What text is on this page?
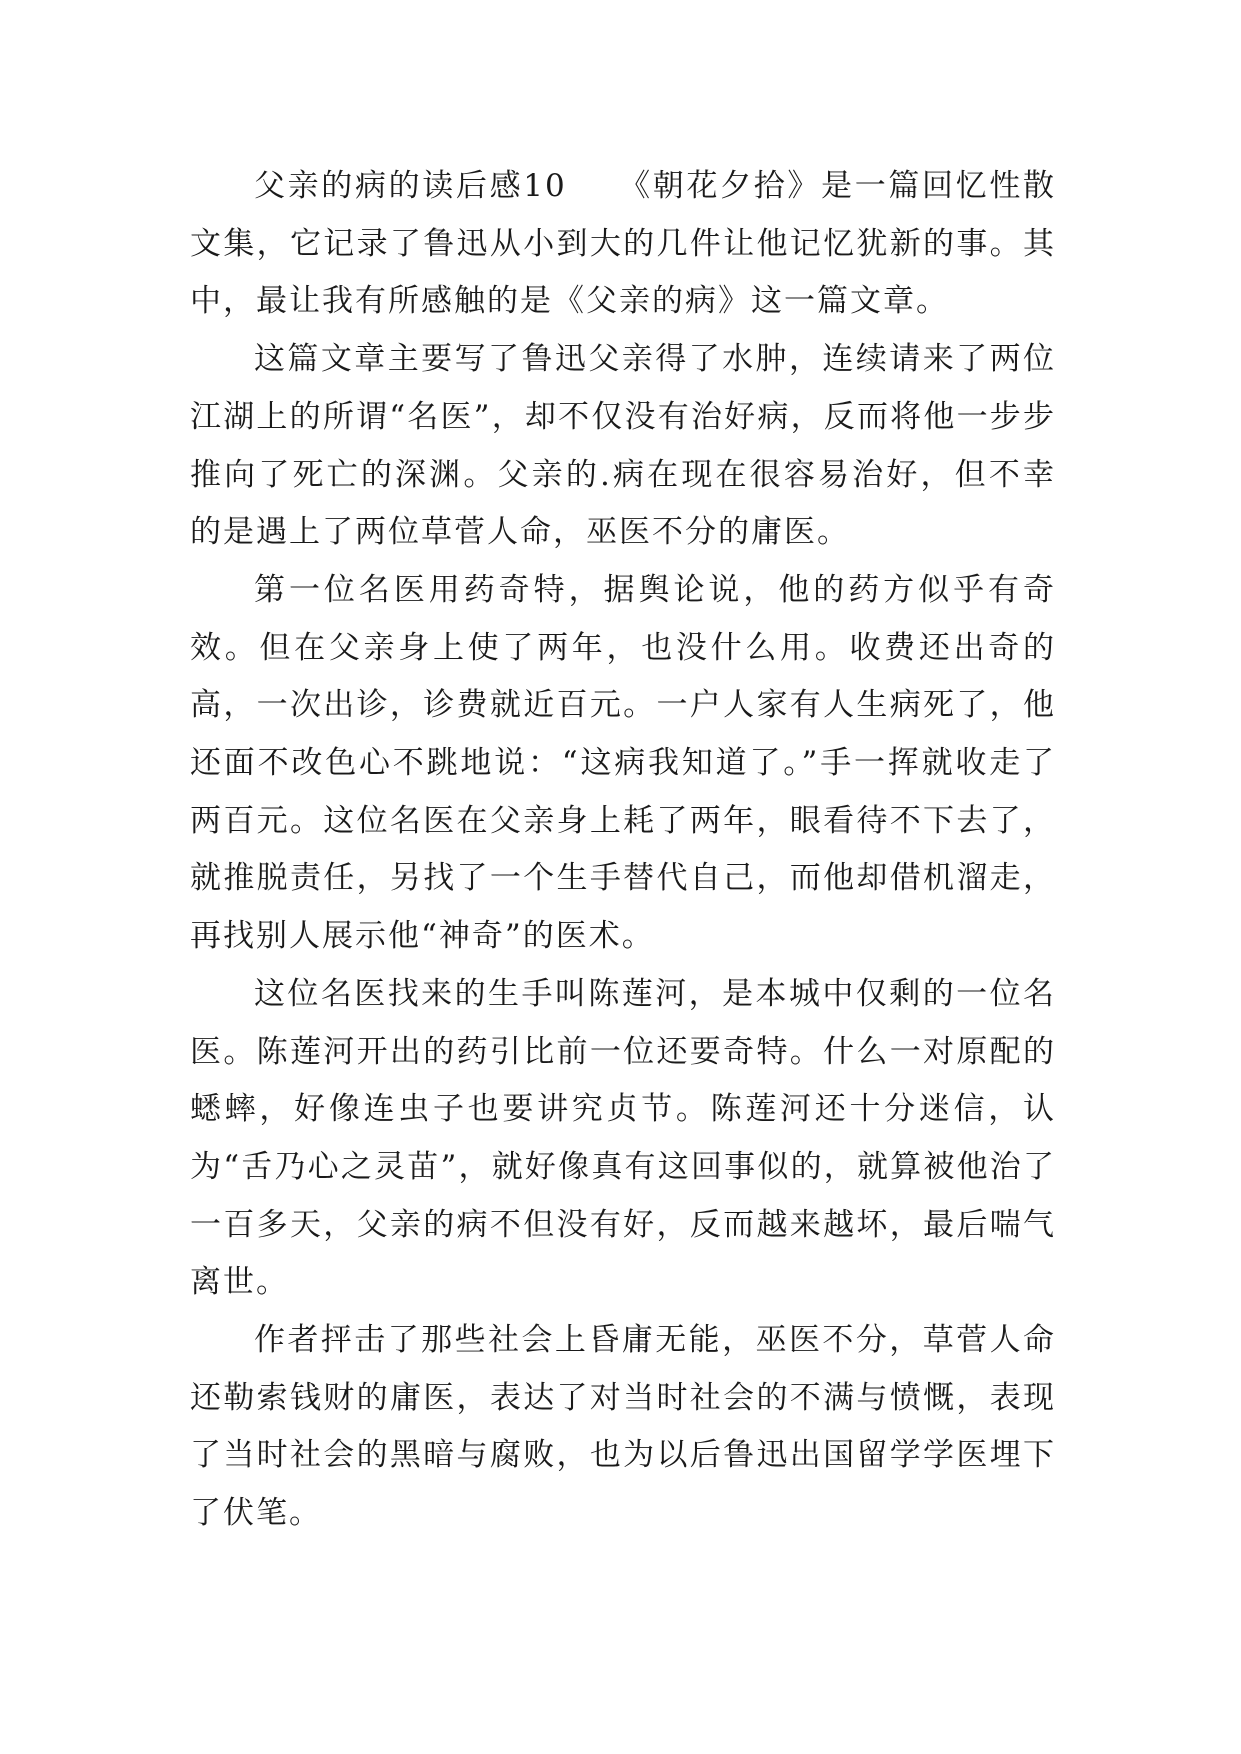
父亲的病的读后感10　　《朝花夕拾》是一篇回忆性散文集，它记录了鲁迅从小到大的几件让他记忆犹新的事。其中，最让我有所感触的是《父亲的病》这一篇文章。

这篇文章主要写了鲁迅父亲得了水肿，连续请来了两位江湖上的所谓“名医”，却不仅没有治好病，反而将他一步步推向了死亡的深渊。父亲的.病在现在很容易治好，但不幸的是遇上了两位草菅人命，巫医不分的庸医。

第一位名医用药奇特，据舆论说，他的药方似乎有奇效。但在父亲身上使了两年，也没什么用。收费还出奇的高，一次出诊，诊费就近百元。一户人家有人生病死了，他还面不改色心不跳地说：“这病我知道了。”手一挥就收走了两百元。这位名医在父亲身上耗了两年，眼看待不下去了，就推脱责任，另找了一个生手替代自己，而他却借机溜走，再找别人展示他“神奇”的医术。

这位名医找来的生手叫陈莲河，是本城中仅剩的一位名医。陈莲河开出的药引比前一位还要奇特。什么一对原配的蟋蟀，好像连虫子也要讲究贞节。陈莲河还十分迷信，认为“舌乃心之灵苗”，就好像真有这回事似的，就算被他治了一百多天，父亲的病不但没有好，反而越来越坏，最后喘气离世。

作者抨击了那些社会上昏庸无能，巫医不分，草菅人命还勒索钱财的庸医，表达了对当时社会的不满与愤慨，表现了当时社会的黑暗与腐败，也为以后鲁迅出国留学学医埋下了伏笔。
